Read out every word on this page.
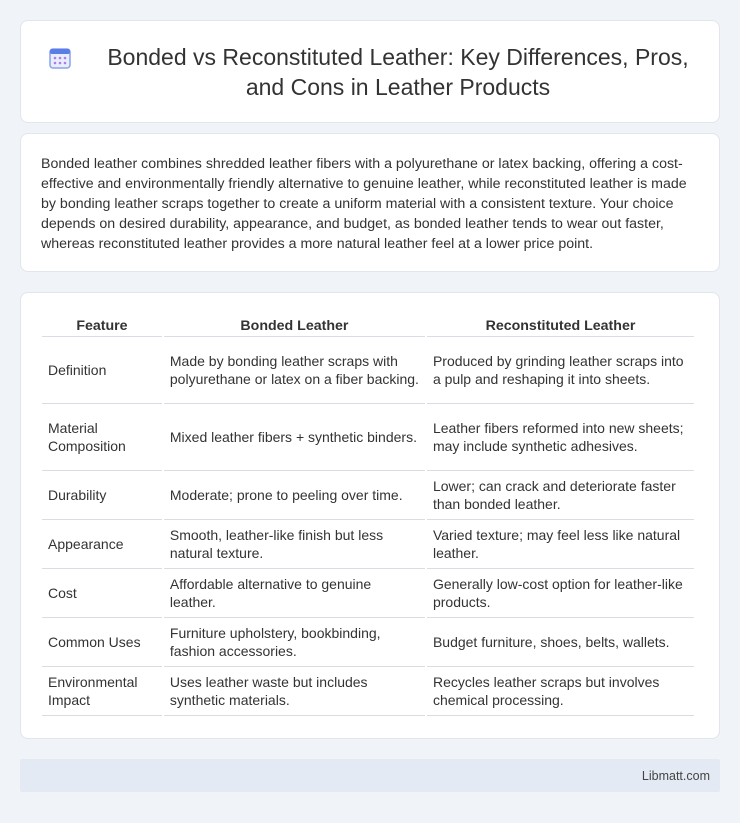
Bonded vs Reconstituted Leather: Key Differences, Pros, and Cons in Leather Products

Bonded leather combines shredded leather fibers with a polyurethane or latex backing, offering a cost-effective and environmentally friendly alternative to genuine leather, while reconstituted leather is made by bonding leather scraps together to create a uniform material with a consistent texture. Your choice depends on desired durability, appearance, and budget, as bonded leather tends to wear out faster, whereas reconstituted leather provides a more natural leather feel at a lower price point.

Feature	Bonded Leather	Reconstituted Leather
Definition	Made by bonding leather scraps with polyurethane or latex on a fiber backing.	Produced by grinding leather scraps into a pulp and reshaping it into sheets.
Material Composition	Mixed leather fibers + synthetic binders.	Leather fibers reformed into new sheets; may include synthetic adhesives.
Durability	Moderate; prone to peeling over time.	Lower; can crack and deteriorate faster than bonded leather.
Appearance	Smooth, leather-like finish but less natural texture.	Varied texture; may feel less like natural leather.
Cost	Affordable alternative to genuine leather.	Generally low-cost option for leather-like products.
Common Uses	Furniture upholstery, bookbinding, fashion accessories.	Budget furniture, shoes, belts, wallets.
Environmental Impact	Uses leather waste but includes synthetic materials.	Recycles leather scraps but involves chemical processing.
Libmatt.com
